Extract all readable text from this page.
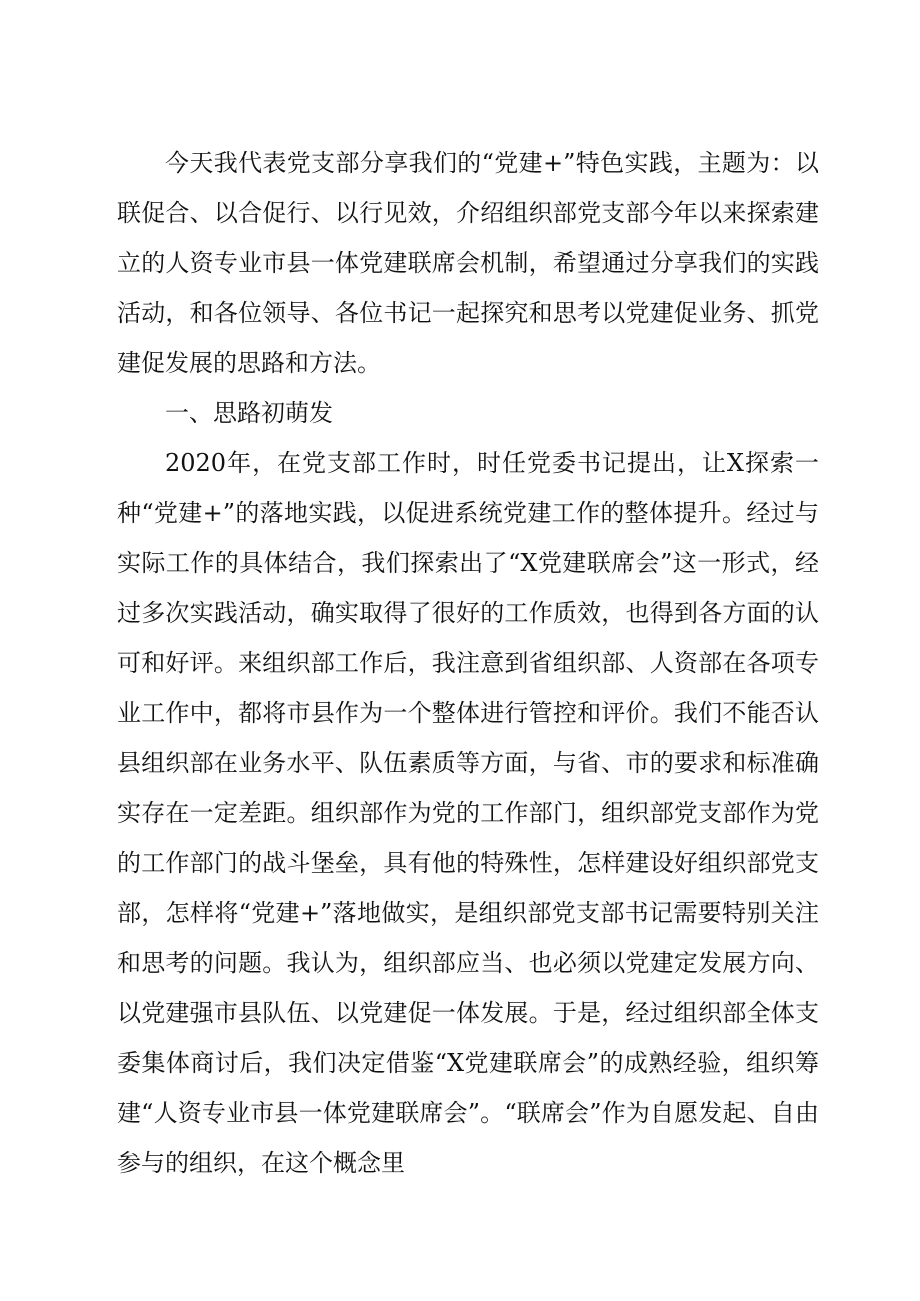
今天我代表党支部分享我们的“党建+”特色实践，主题为：以联促合、以合促行、以行见效，介绍组织部党支部今年以来探索建立的人资专业市县一体党建联席会机制，希望通过分享我们的实践活动，和各位领导、各位书记一起探究和思考以党建促业务、抓党建促发展的思路和方法。

一、思路初萌发

2020年，在党支部工作时，时任党委书记提出，让X探索一种“党建+”的落地实践，以促进系统党建工作的整体提升。经过与实际工作的具体结合，我们探索出了“X党建联席会”这一形式，经过多次实践活动，确实取得了很好的工作质效，也得到各方面的认可和好评。来组织部工作后，我注意到省组织部、人资部在各项专业工作中，都将市县作为一个整体进行管控和评价。我们不能否认县组织部在业务水平、队伍素质等方面，与省、市的要求和标准确实存在一定差距。组织部作为党的工作部门，组织部党支部作为党的工作部门的战斗堡垒，具有他的特殊性，怎样建设好组织部党支部，怎样将“党建+”落地做实，是组织部党支部书记需要特别关注和思考的问题。我认为，组织部应当、也必须以党建定发展方向、以党建强市县队伍、以党建促一体发展。于是，经过组织部全体支委集体商讨后，我们决定借鉴“X党建联席会”的成熟经验，组织筹建“人资专业市县一体党建联席会”。“联席会”作为自愿发起、自由参与的组织，在这个概念里
